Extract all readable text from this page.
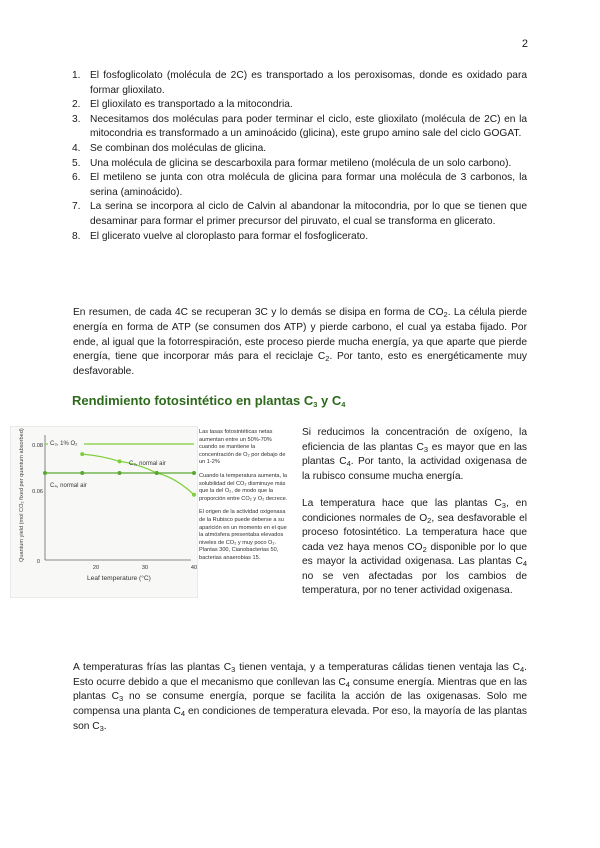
2
1. El fosfoglicolato (molécula de 2C) es transportado a los peroxisomas, donde es oxidado para formar glioxilato.
2. El glioxilato es transportado a la mitocondria.
3. Necesitamos dos moléculas para poder terminar el ciclo, este glioxilato (molécula de 2C) en la mitocondria es transformado a un aminoácido (glicina), este grupo amino sale del ciclo GOGAT.
4. Se combinan dos moléculas de glicina.
5. Una molécula de glicina se descarboxila para formar metileno (molécula de un solo carbono).
6. El metileno se junta con otra molécula de glicina para formar una molécula de 3 carbonos, la serina (aminoácido).
7. La serina se incorpora al ciclo de Calvin al abandonar la mitocondria, por lo que se tienen que desaminar para formar el primer precursor del piruvato, el cual se transforma en glicerato.
8. El glicerato vuelve al cloroplasto para formar el fosfoglicerato.

En resumen, de cada 4C se recuperan 3C y lo demás se disipa en forma de $CO_2$. La célula pierde energía en forma de ATP (se consumen dos ATP) y pierde carbono, el cual ya estaba fijado. Por ende, al igual que la fotorrespiración, este proceso pierde mucha energía, ya que aparte que pierde energía, tiene que incorporar más para el reciclaje $C_2$. Por tanto, esto es energéticamente muy desfavorable.

Rendimiento fotosintético en plantas $C_3$ y $C_4$
Quantum yield (mol CO₂ fixed per quantum absorbed)
Leaf temperature (°C)
0
0.06
0.08
20	30	40
C₃, 1% O₂
C₃, normal air
C₄, normal air

Las tasas fotosintéticas netas aumentan entre un 50%-70% cuando se mantiene la concentración de O₂ por debajo de un 1-2%

Cuando la temperatura aumenta, la solubilidad del CO₂ disminuye más que la del O₂, de modo que la proporción entre CO₂ y O₂ decrece.

El origen de la actividad oxigenasa de la Rubisco puede deberse a su aparición en un momento en el que la atmósfera presentaba elevados niveles de CO₂ y muy poco O₂. Plantas 300, Cianobacterias 50, bacterias anaerobias 15.

Si reducimos la concentración de oxígeno, la eficiencia de las plantas $C_3$ es mayor que en las plantas $C_4$. Por tanto, la actividad oxigenasa de la rubisco consume mucha energía.

La temperatura hace que las plantas $C_3$, en condiciones normales de $O_2$, sea desfavorable el proceso fotosintético. La temperatura hace que cada vez haya menos $CO_2$ disponible por lo que es mayor la actividad oxigenasa. Las plantas $C_4$ no se ven afectadas por los cambios de temperatura, por no tener actividad oxigenasa.

A temperaturas frías las plantas $C_3$ tienen ventaja, y a temperaturas cálidas tienen ventaja las $C_4$. Esto ocurre debido a que el mecanismo que conllevan las $C_4$ consume energía. Mientras que en las plantas $C_3$ no se consume energía, porque se facilita la acción de las oxigenasas. Solo me compensa una planta $C_4$ en condiciones de temperatura elevada. Por eso, la mayoría de las plantas son $C_3$.
